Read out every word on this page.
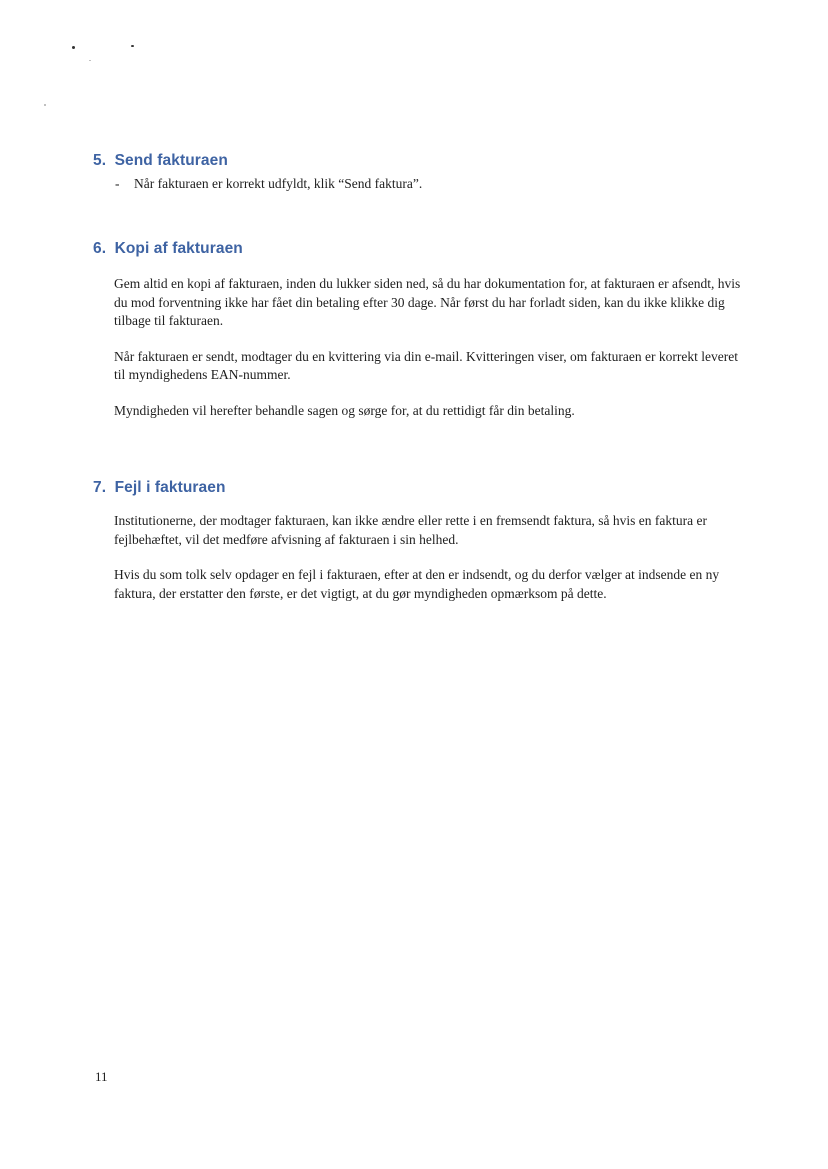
5. Send fakturaen
-	Når fakturaen er korrekt udfyldt, klik “Send faktura”.
6. Kopi af fakturaen

Gem altid en kopi af fakturaen, inden du lukker siden ned, så du har dokumentation for, at fakturaen er afsendt, hvis du mod forventning ikke har fået din betaling efter 30 dage. Når først du har forladt siden, kan du ikke klikke dig tilbage til fakturaen.

Når fakturaen er sendt, modtager du en kvittering via din e-mail. Kvitteringen viser, om fakturaen er korrekt leveret til myndighedens EAN-nummer.

Myndigheden vil herefter behandle sagen og sørge for, at du rettidigt får din betaling.

7. Fejl i fakturaen

Institutionerne, der modtager fakturaen, kan ikke ændre eller rette i en fremsendt faktura, så hvis en faktura er fejlbehæftet, vil det medføre afvisning af fakturaen i sin helhed.

Hvis du som tolk selv opdager en fejl i fakturaen, efter at den er indsendt, og du derfor vælger at indsende en ny faktura, der erstatter den første, er det vigtigt, at du gør myndigheden opmærksom på dette.

11
